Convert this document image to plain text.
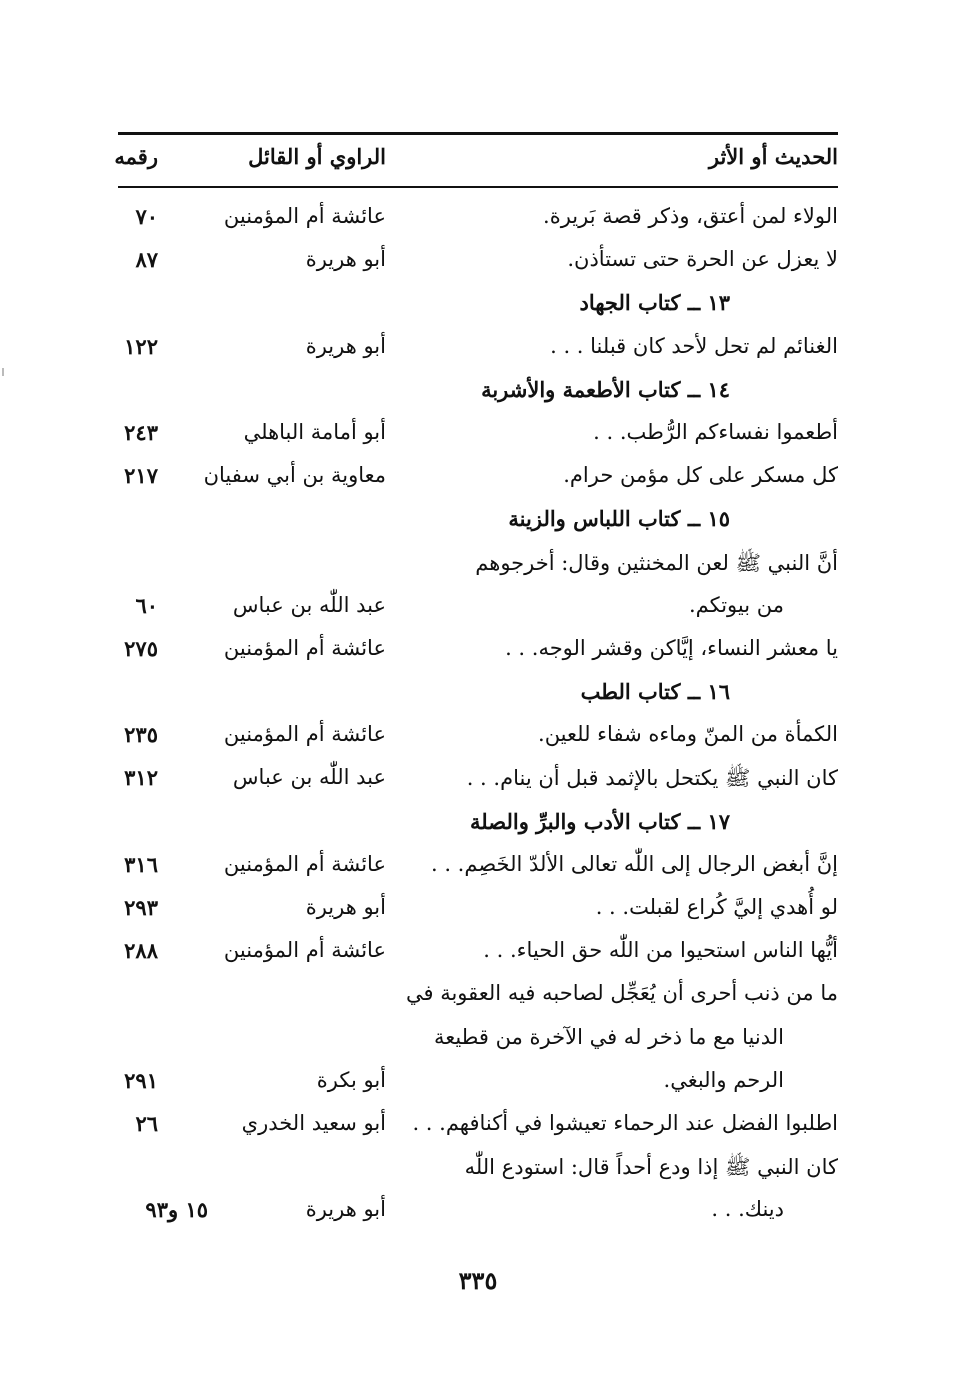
الحديث أو الأثر
الراوي أو القائل
رقمه
الولاء لمن أعتق، وذكر قصة بَريرة.
عائشة أم المؤمنين
٧٠
لا يعزل عن الحرة حتى تستأذن.
أبو هريرة
٨٧
١٣ ــ كتاب الجهاد
الغنائم لم تحل لأحد كان قبلنا . . .
أبو هريرة
١٢٢
١٤ ــ كتاب الأطعمة والأشربة
أطعموا نفساءكم الرُّطب. . .
أبو أمامة الباهلي
٢٤٣
كل مسكر على كل مؤمن حرام.
معاوية بن أبي سفيان
٢١٧
١٥ ــ كتاب اللباس والزينة
أنَّ النبي ﷺ لعن المخنثين وقال: أخرجوهم
من بيوتكم.
عبد اللّٰه بن عباس
٦٠
يا معشر النساء، إيَّاكن وقشر الوجه. . .
عائشة أم المؤمنين
٢٧٥
١٦ ــ كتاب الطب
الكمأة من المنّ وماءه شفاء للعين.
عائشة أم المؤمنين
٢٣٥
كان النبي ﷺ يكتحل بالإثمد قبل أن ينام. . .
عبد اللّٰه بن عباس
٣١٢
١٧ ــ كتاب الأدب والبرِّ والصلة
إنَّ أبغض الرجال إلى اللّٰه تعالى الألدّ الخَصِم. . .
عائشة أم المؤمنين
٣١٦
لو أُهدي إليَّ كُراع لقبلت. . .
أبو هريرة
٢٩٣
أيُّها الناس استحيوا من اللّٰه حق الحياء. . .
عائشة أم المؤمنين
٢٨٨
ما من ذنب أحرى أن يُعَجِّل لصاحبه فيه العقوبة في
الدنيا مع ما ذخر له في الآخرة من قطيعة
الرحم والبغي.
أبو بكرة
٢٩١
اطلبوا الفضل عند الرحماء تعيشوا في أكنافهم. . .
أبو سعيد الخدري
٢٦
كان النبي ﷺ إذا ودع أحداً قال: استودع اللّٰه
دينك. . .
أبو هريرة
١٥ و٩٣
٣٣٥
